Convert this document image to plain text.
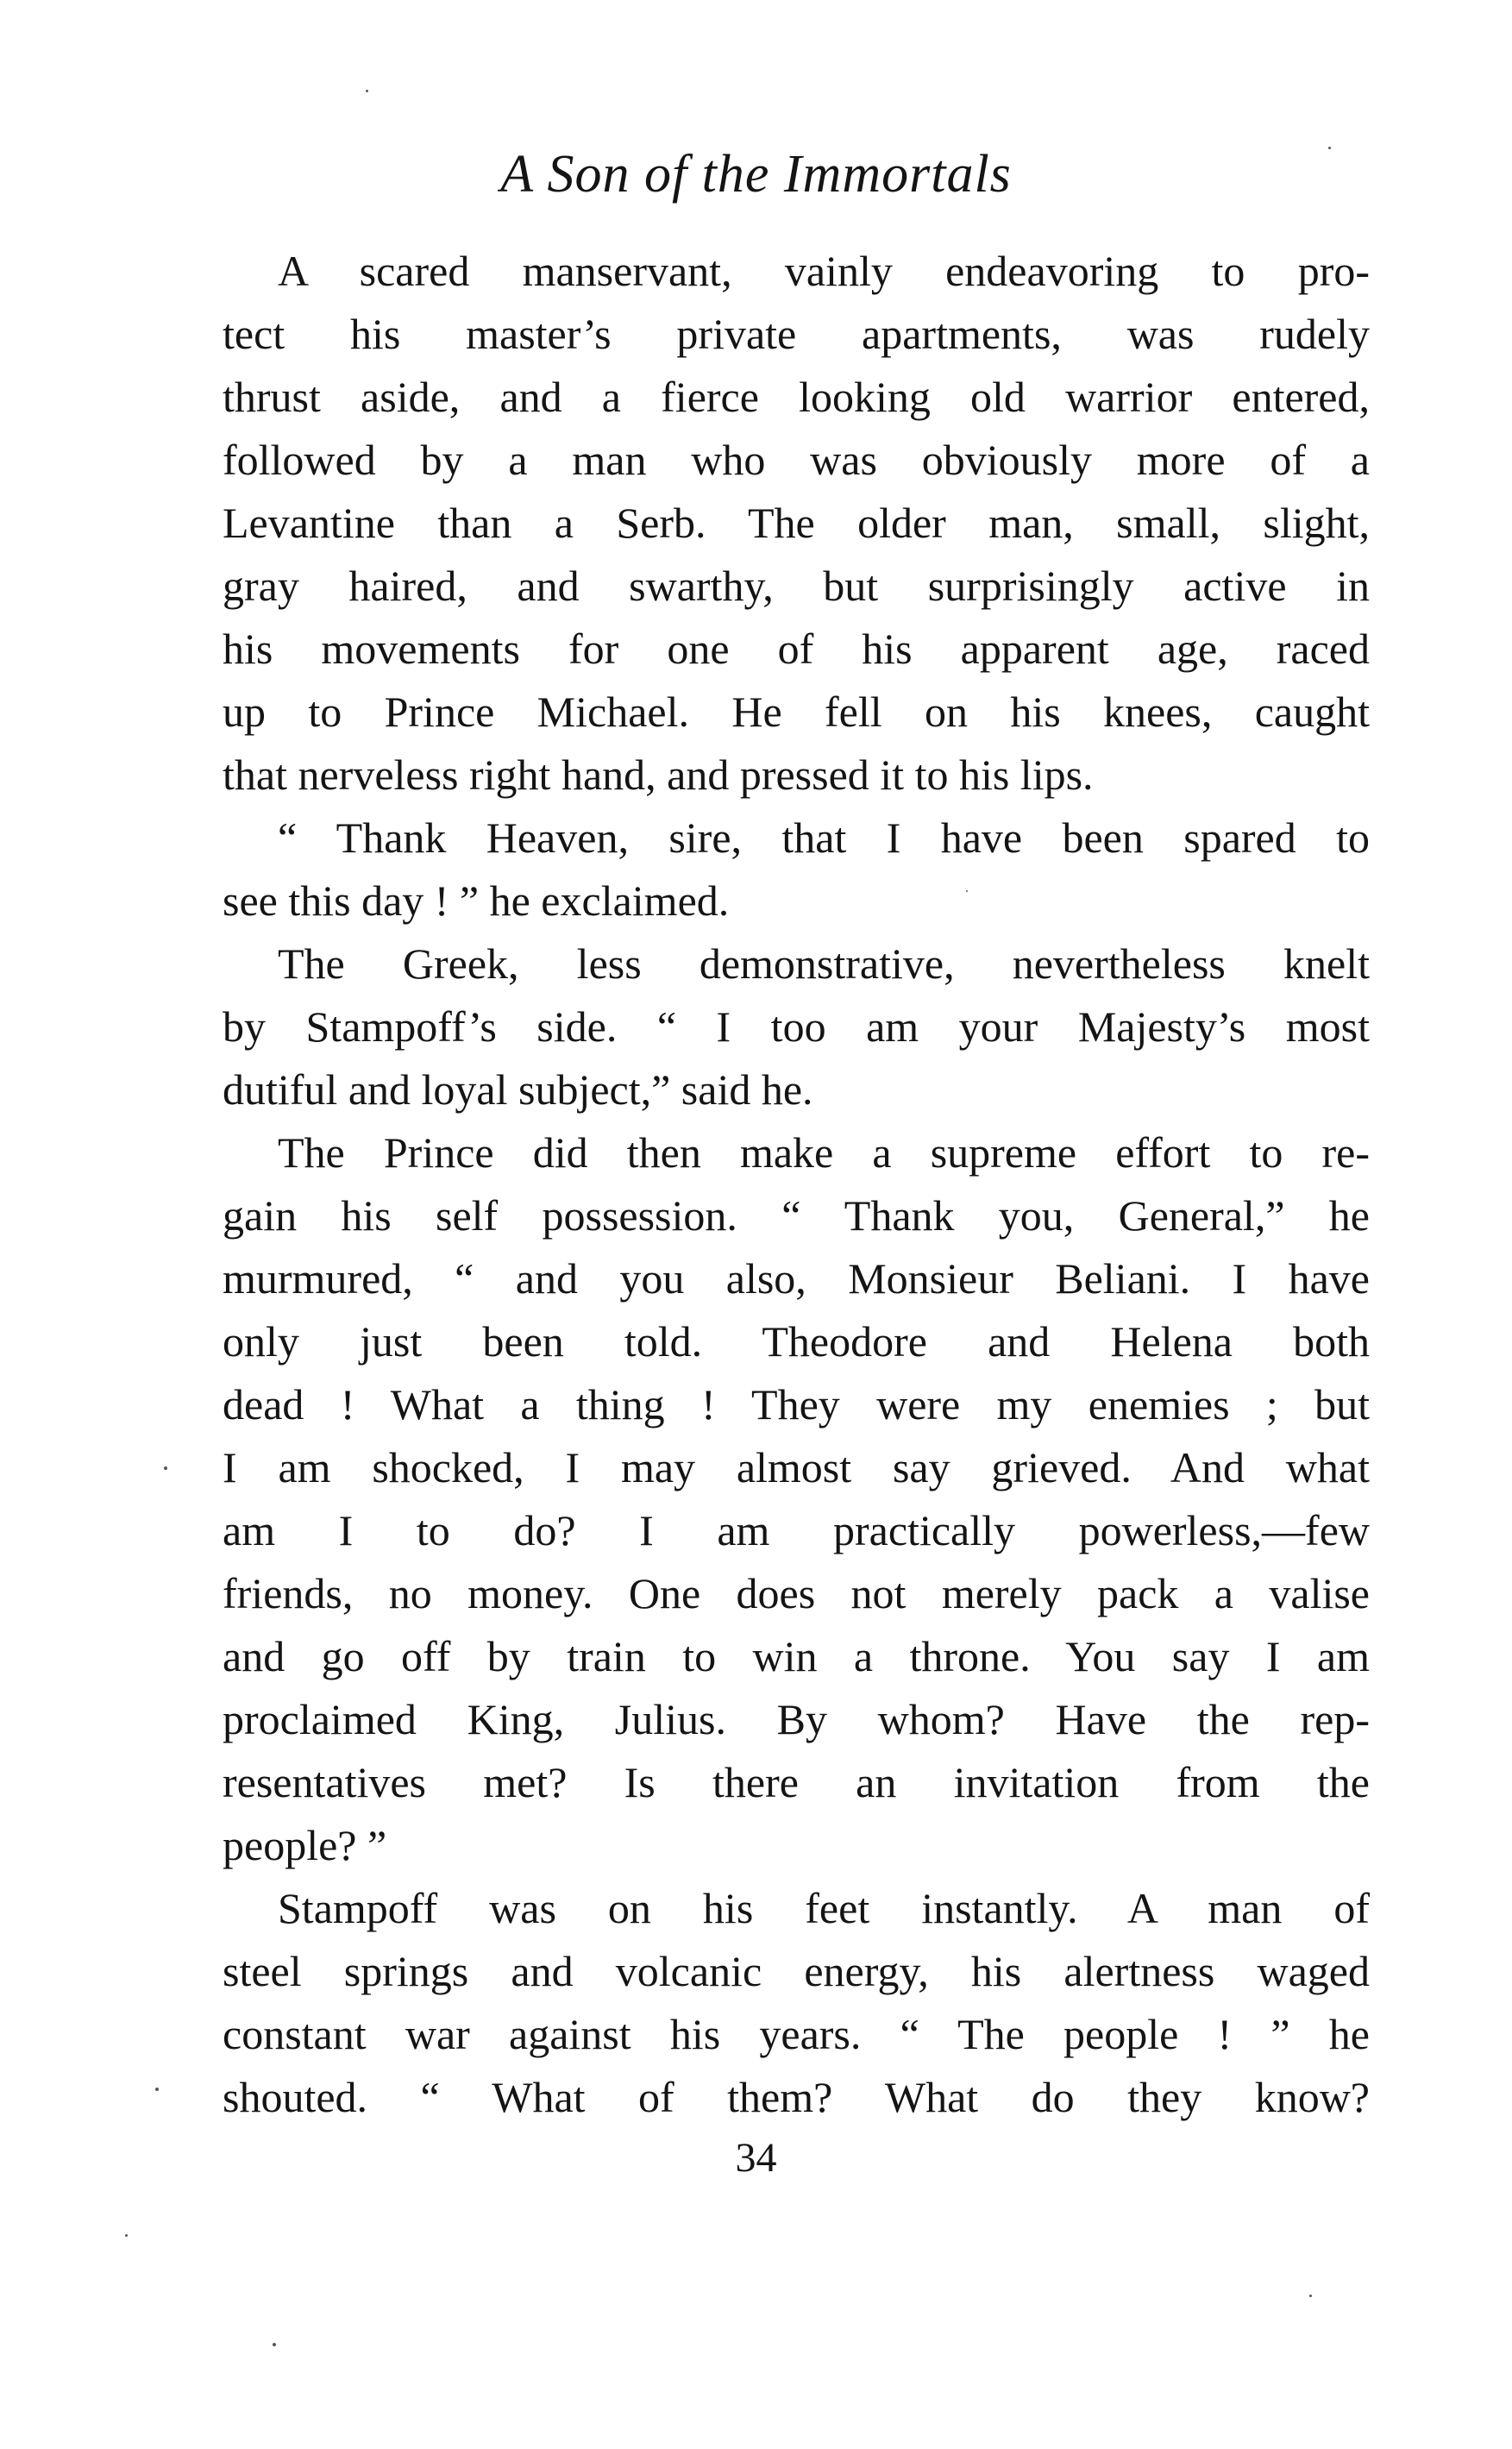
A Son of the Immortals
A scared manservant, vainly endeavoring to pro-
tect his master’s private apartments, was rudely
thrust aside, and a fierce looking old warrior entered,
followed by a man who was obviously more of a
Levantine than a Serb. The older man, small, slight,
gray haired, and swarthy, but surprisingly active in
his movements for one of his apparent age, raced
up to Prince Michael. He fell on his knees, caught
that nerveless right hand, and pressed it to his lips.
“ Thank Heaven, sire, that I have been spared to
see this day ! ” he exclaimed.
The Greek, less demonstrative, nevertheless knelt
by Stampoff’s side. “ I too am your Majesty’s most
dutiful and loyal subject,” said he.
The Prince did then make a supreme effort to re-
gain his self possession. “ Thank you, General,” he
murmured, “ and you also, Monsieur Beliani. I have
only just been told. Theodore and Helena both
dead ! What a thing ! They were my enemies ; but
I am shocked, I may almost say grieved. And what
am I to do? I am practically powerless,—few
friends, no money. One does not merely pack a valise
and go off by train to win a throne. You say I am
proclaimed King, Julius. By whom? Have the rep-
resentatives met? Is there an invitation from the
people? ”
Stampoff was on his feet instantly. A man of
steel springs and volcanic energy, his alertness waged
constant war against his years. “ The people ! ” he
shouted. “ What of them? What do they know?
34
